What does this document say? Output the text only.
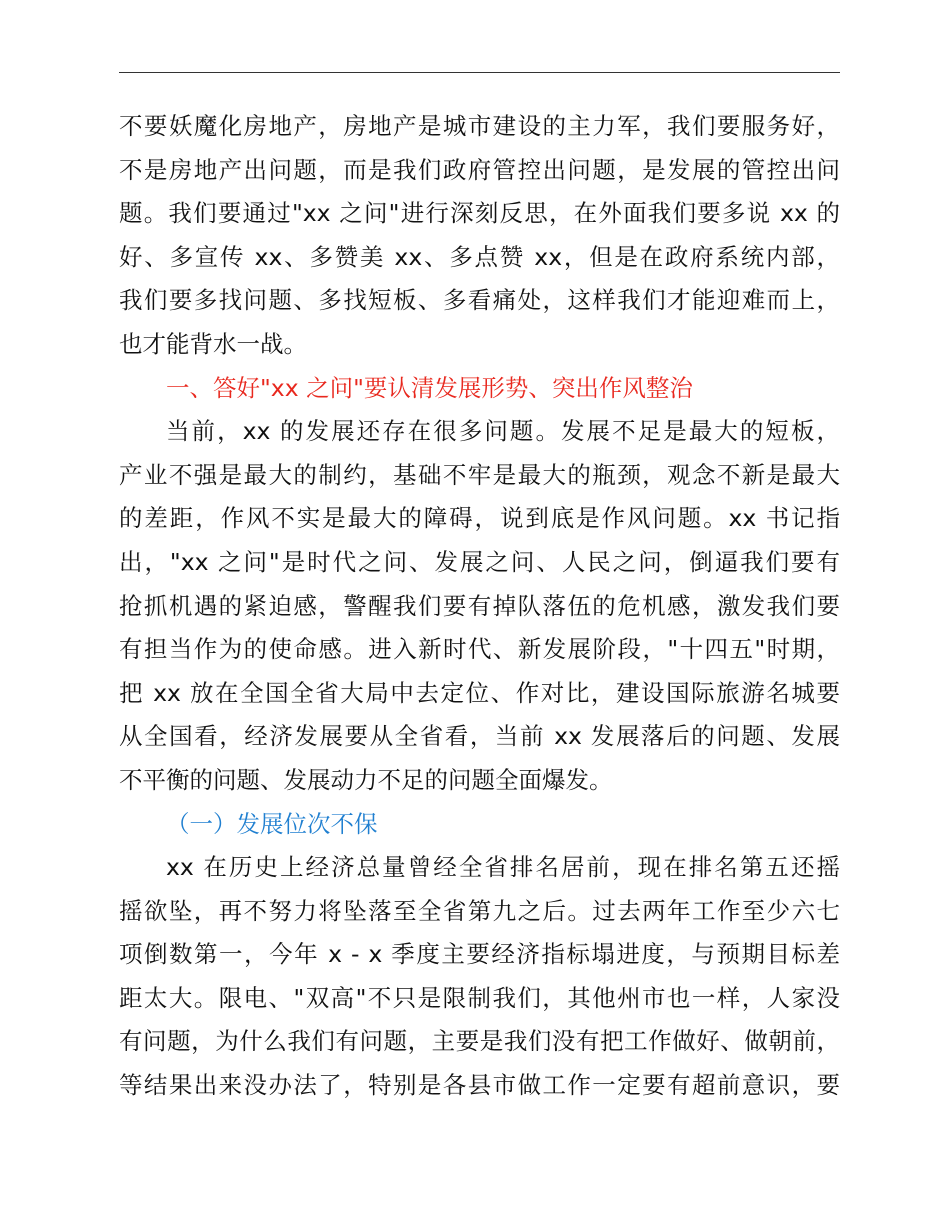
不要妖魔化房地产，房地产是城市建设的主力军，我们要服务好，
不是房地产出问题，而是我们政府管控出问题，是发展的管控出问
题。我们要通过"xx 之问"进行深刻反思，在外面我们要多说 xx 的
好、多宣传 xx、多赞美 xx、多点赞 xx，但是在政府系统内部，
我们要多找问题、多找短板、多看痛处，这样我们才能迎难而上，
也才能背水一战。
一、答好"xx 之问"要认清发展形势、突出作风整治
当前，xx 的发展还存在很多问题。发展不足是最大的短板，
产业不强是最大的制约，基础不牢是最大的瓶颈，观念不新是最大
的差距，作风不实是最大的障碍，说到底是作风问题。xx 书记指
出，"xx 之问"是时代之问、发展之问、人民之问，倒逼我们要有
抢抓机遇的紧迫感，警醒我们要有掉队落伍的危机感，激发我们要
有担当作为的使命感。进入新时代、新发展阶段，"十四五"时期，
把 xx 放在全国全省大局中去定位、作对比，建设国际旅游名城要
从全国看，经济发展要从全省看，当前 xx 发展落后的问题、发展
不平衡的问题、发展动力不足的问题全面爆发。
（一）发展位次不保
xx 在历史上经济总量曾经全省排名居前，现在排名第五还摇
摇欲坠，再不努力将坠落至全省第九之后。过去两年工作至少六七
项倒数第一，今年 x - x 季度主要经济指标塌进度，与预期目标差
距太大。限电、"双高"不只是限制我们，其他州市也一样，人家没
有问题，为什么我们有问题，主要是我们没有把工作做好、做朝前，
等结果出来没办法了，特别是各县市做工作一定要有超前意识，要
